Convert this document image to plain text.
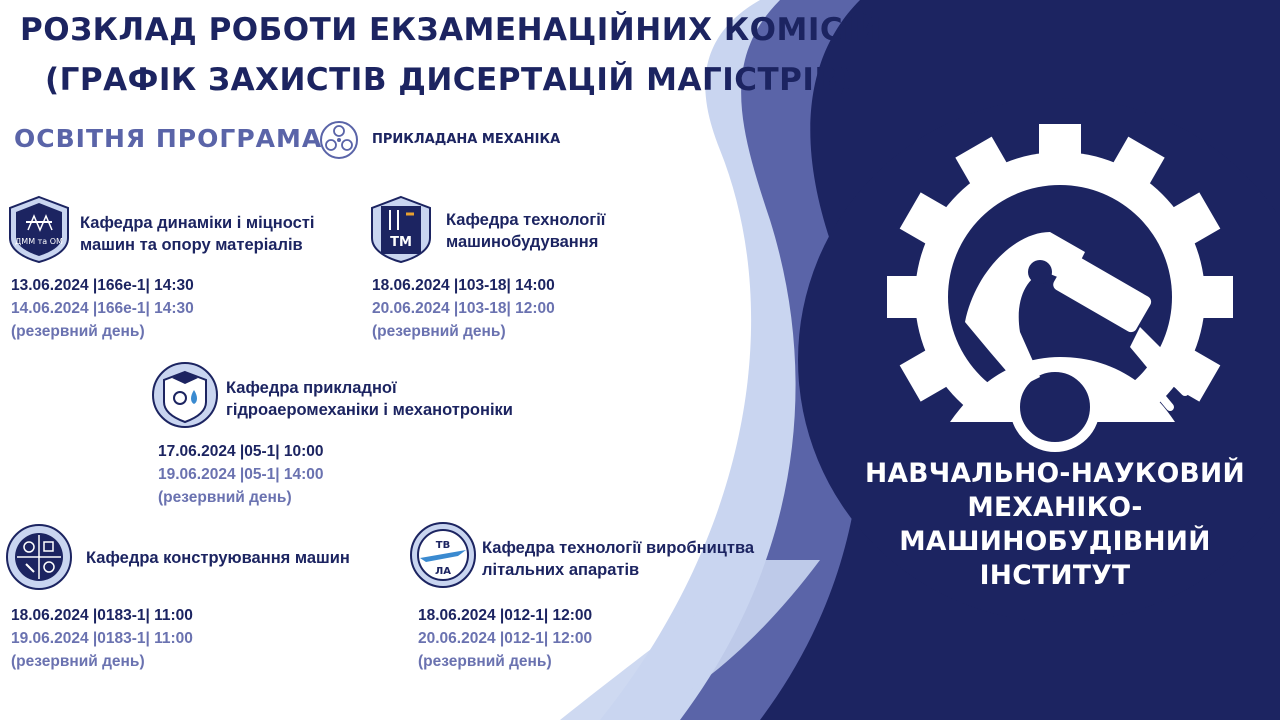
РОЗКЛАД РОБОТИ ЕКЗАМЕНАЦІЙНИХ КОМІСІЙ
(ГРАФІК ЗАХИСТІВ ДИСЕРТАЦІЙ МАГІСТРІВ)
ОСВІТНЯ ПРОГРАМА	ПРИКЛАДАНА МЕХАНІКА
ДММ та ОМ
Кафедра динаміки і міцності
машин та опору матеріалів
13.06.2024 |166е-1| 14:30
14.06.2024 |166е-1| 14:30
(резервний день)
ТМ
Кафедра технології
машинобудування
18.06.2024 |103-18| 14:00
20.06.2024 |103-18| 12:00
(резервний день)
Кафедра прикладної
гідроаеромеханіки і механотроніки
17.06.2024 |05-1| 10:00
19.06.2024 |05-1| 14:00
(резервний день)
Кафедра конструювання машин
18.06.2024 |0183-1| 11:00
19.06.2024 |0183-1| 11:00
(резервний день)
ТВ
ЛА
Кафедра технології виробництва
літальних апаратів
18.06.2024 |012-1| 12:00
20.06.2024 |012-1| 12:00
(резервний день)
НАВЧАЛЬНО-НАУКОВИЙ
МЕХАНІКО-
МАШИНОБУДІВНИЙ
ІНСТИТУТ
